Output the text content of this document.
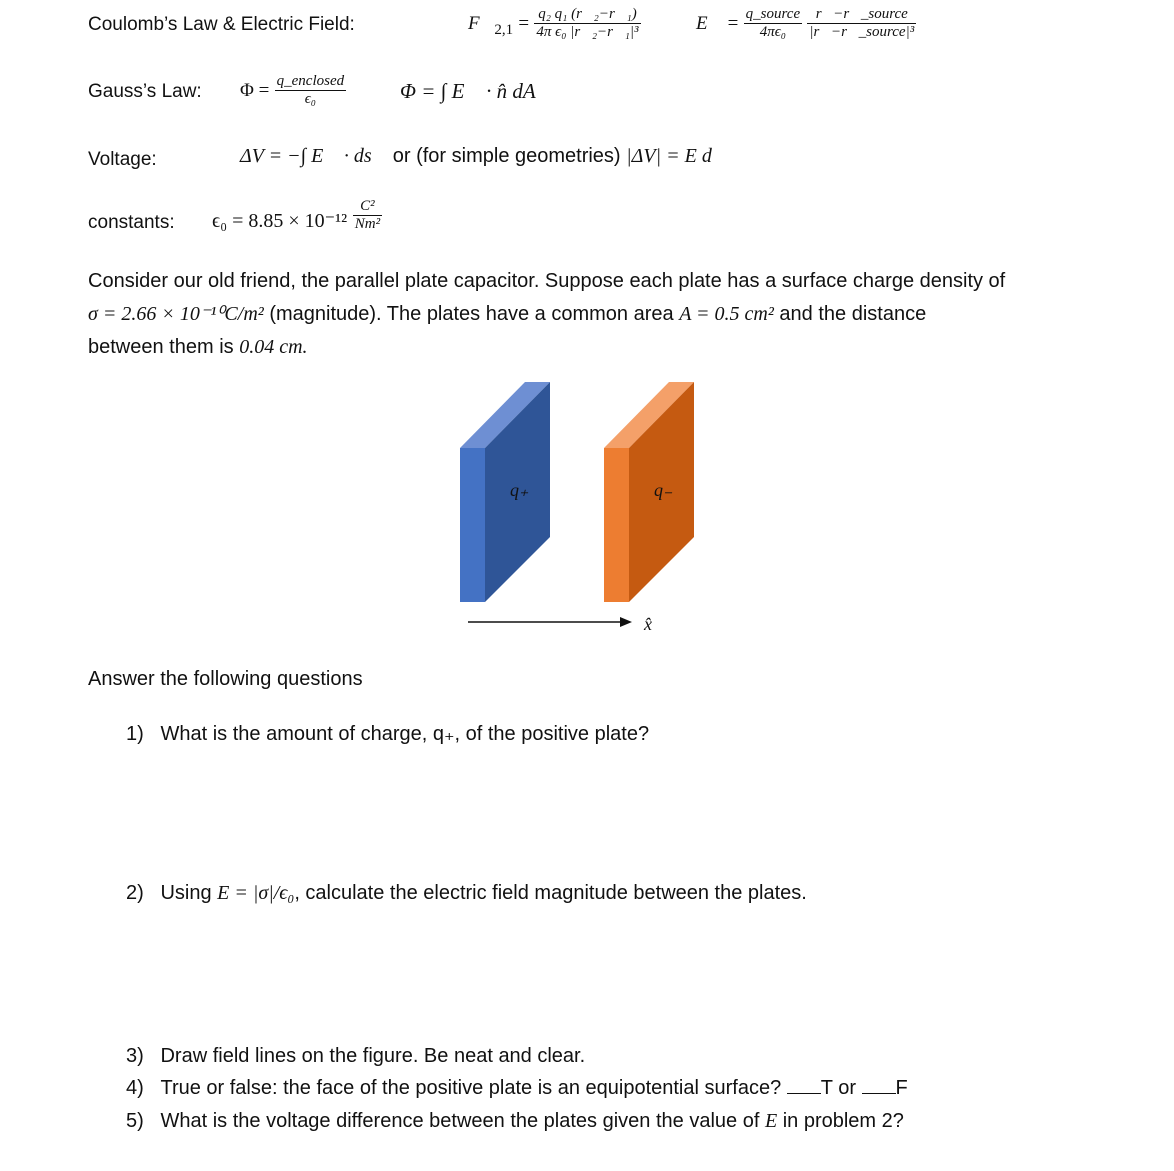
Coulomb’s Law & Electric Field:	$F⃗_{2,1} = \frac{\text{q₂ q₁ (r⃗₂−r⃗₁)}}{\text{4π ϵ₀ |r⃗₂−r⃗₁|³}}$	E⃗ = $\frac{\text{q\_source}}{\text{4πϵ₀}}$
$\frac{\text{r⃗−r⃗\_source}}{\text{|r⃗−r⃗\_source|³}}$
Gauss’s Law: $\Phi = \frac{\text{q\_enclosed}}{\text{ϵ₀}}$	Φ = ∫ E⃗ · n̂ dA
Voltage:	ΔV = −∫ E⃗ · ds⃗ or (for simple geometries) |ΔV| = E d
constants: $\epsilon_0 = 8.85 \times 10^{-12} \frac{\text{C²}}{\text{Nm²}}$
Consider our old friend, the parallel plate capacitor. Suppose each plate has a surface charge density of
σ = 2.66 × 10⁻¹⁰C/m² (magnitude). The plates have a common area A = 0.5 cm² and the distance
between them is 0.04 cm.
q₊	q₋
x̂
Answer the following questions
1) What is the amount of charge, q₊, of the positive plate?
2) Using E = |σ|/ϵ₀, calculate the electric field magnitude between the plates.
3) Draw field lines on the figure. Be neat and clear.
4) True or false: the face of the positive plate is an equipotential surface? T or F
5) What is the voltage difference between the plates given the value of E in problem 2?
